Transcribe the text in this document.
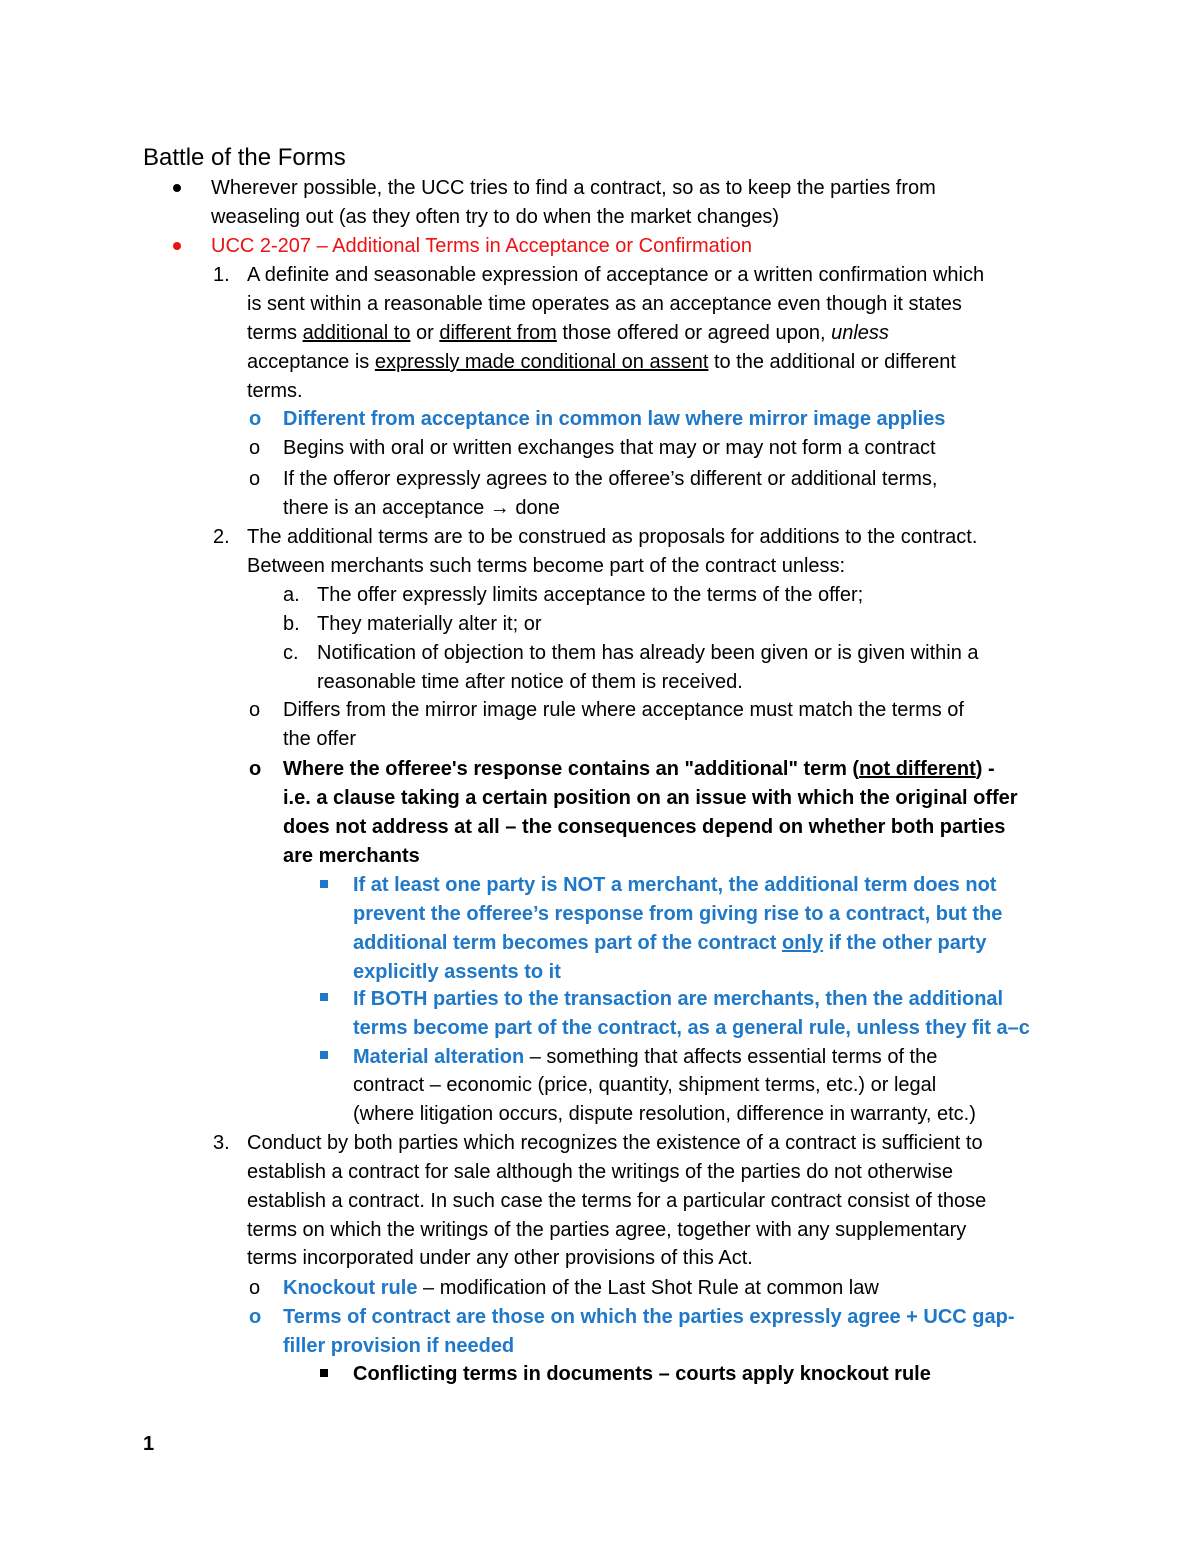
Battle of the Forms
Wherever possible, the UCC tries to find a contract, so as to keep the parties from
weaseling out (as they often try to do when the market changes)
UCC 2-207 – Additional Terms in Acceptance or Confirmation
1. A definite and seasonable expression of acceptance or a written confirmation which
is sent within a reasonable time operates as an acceptance even though it states
terms additional to or different from those offered or agreed upon, unless
acceptance is expressly made conditional on assent to the additional or different
terms.
o Different from acceptance in common law where mirror image applies
o Begins with oral or written exchanges that may or may not form a contract
o If the offeror expressly agrees to the offeree’s different or additional terms,
there is an acceptance → done
2. The additional terms are to be construed as proposals for additions to the contract.
Between merchants such terms become part of the contract unless:
a. The offer expressly limits acceptance to the terms of the offer;
b. They materially alter it; or
c. Notification of objection to them has already been given or is given within a
reasonable time after notice of them is received.
o Differs from the mirror image rule where acceptance must match the terms of
the offer
o Where the offeree's response contains an "additional" term (not different) -
i.e. a clause taking a certain position on an issue with which the original offer
does not address at all – the consequences depend on whether both parties
are merchants
If at least one party is NOT a merchant, the additional term does not
prevent the offeree’s response from giving rise to a contract, but the
additional term becomes part of the contract only if the other party
explicitly assents to it
If BOTH parties to the transaction are merchants, then the additional
terms become part of the contract, as a general rule, unless they fit a–c
Material alteration – something that affects essential terms of the
contract – economic (price, quantity, shipment terms, etc.) or legal
(where litigation occurs, dispute resolution, difference in warranty, etc.)
3. Conduct by both parties which recognizes the existence of a contract is sufficient to
establish a contract for sale although the writings of the parties do not otherwise
establish a contract. In such case the terms for a particular contract consist of those
terms on which the writings of the parties agree, together with any supplementary
terms incorporated under any other provisions of this Act.
o Knockout rule – modification of the Last Shot Rule at common law
o Terms of contract are those on which the parties expressly agree + UCC gap-
filler provision if needed
Conflicting terms in documents – courts apply knockout rule
1
